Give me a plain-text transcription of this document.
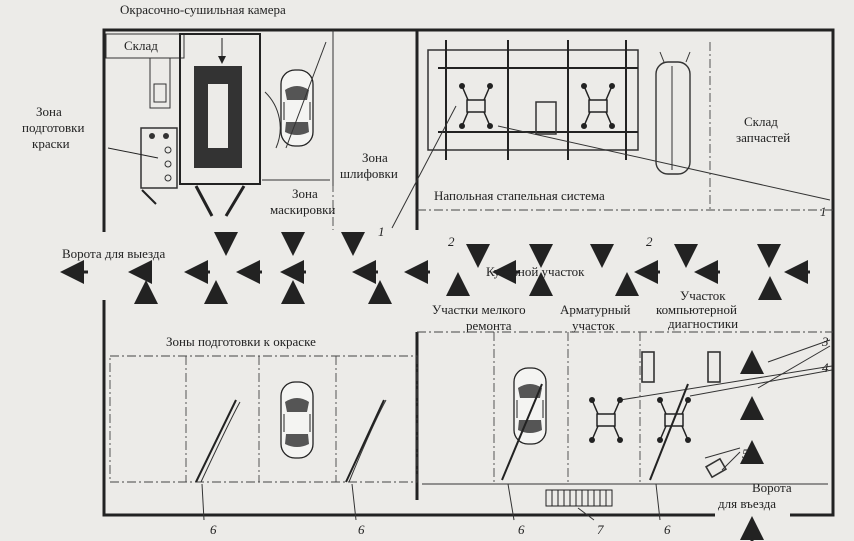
Окрасочно-сушильная камера
Склад
Зона
подготовки
краски
Зона
маскировки
Зона
шлифовки
Напольная стапельная система
Склад
запчастей
Ворота для выезда
Кузовной участок
Участки мелкого
ремонта
Арматурный
участок
Участок
компьютерной
диагностики
Зоны подготовки к окраске
Ворота
для въезда
1
1
2	2
3
4
5
6	6	6	6
7
